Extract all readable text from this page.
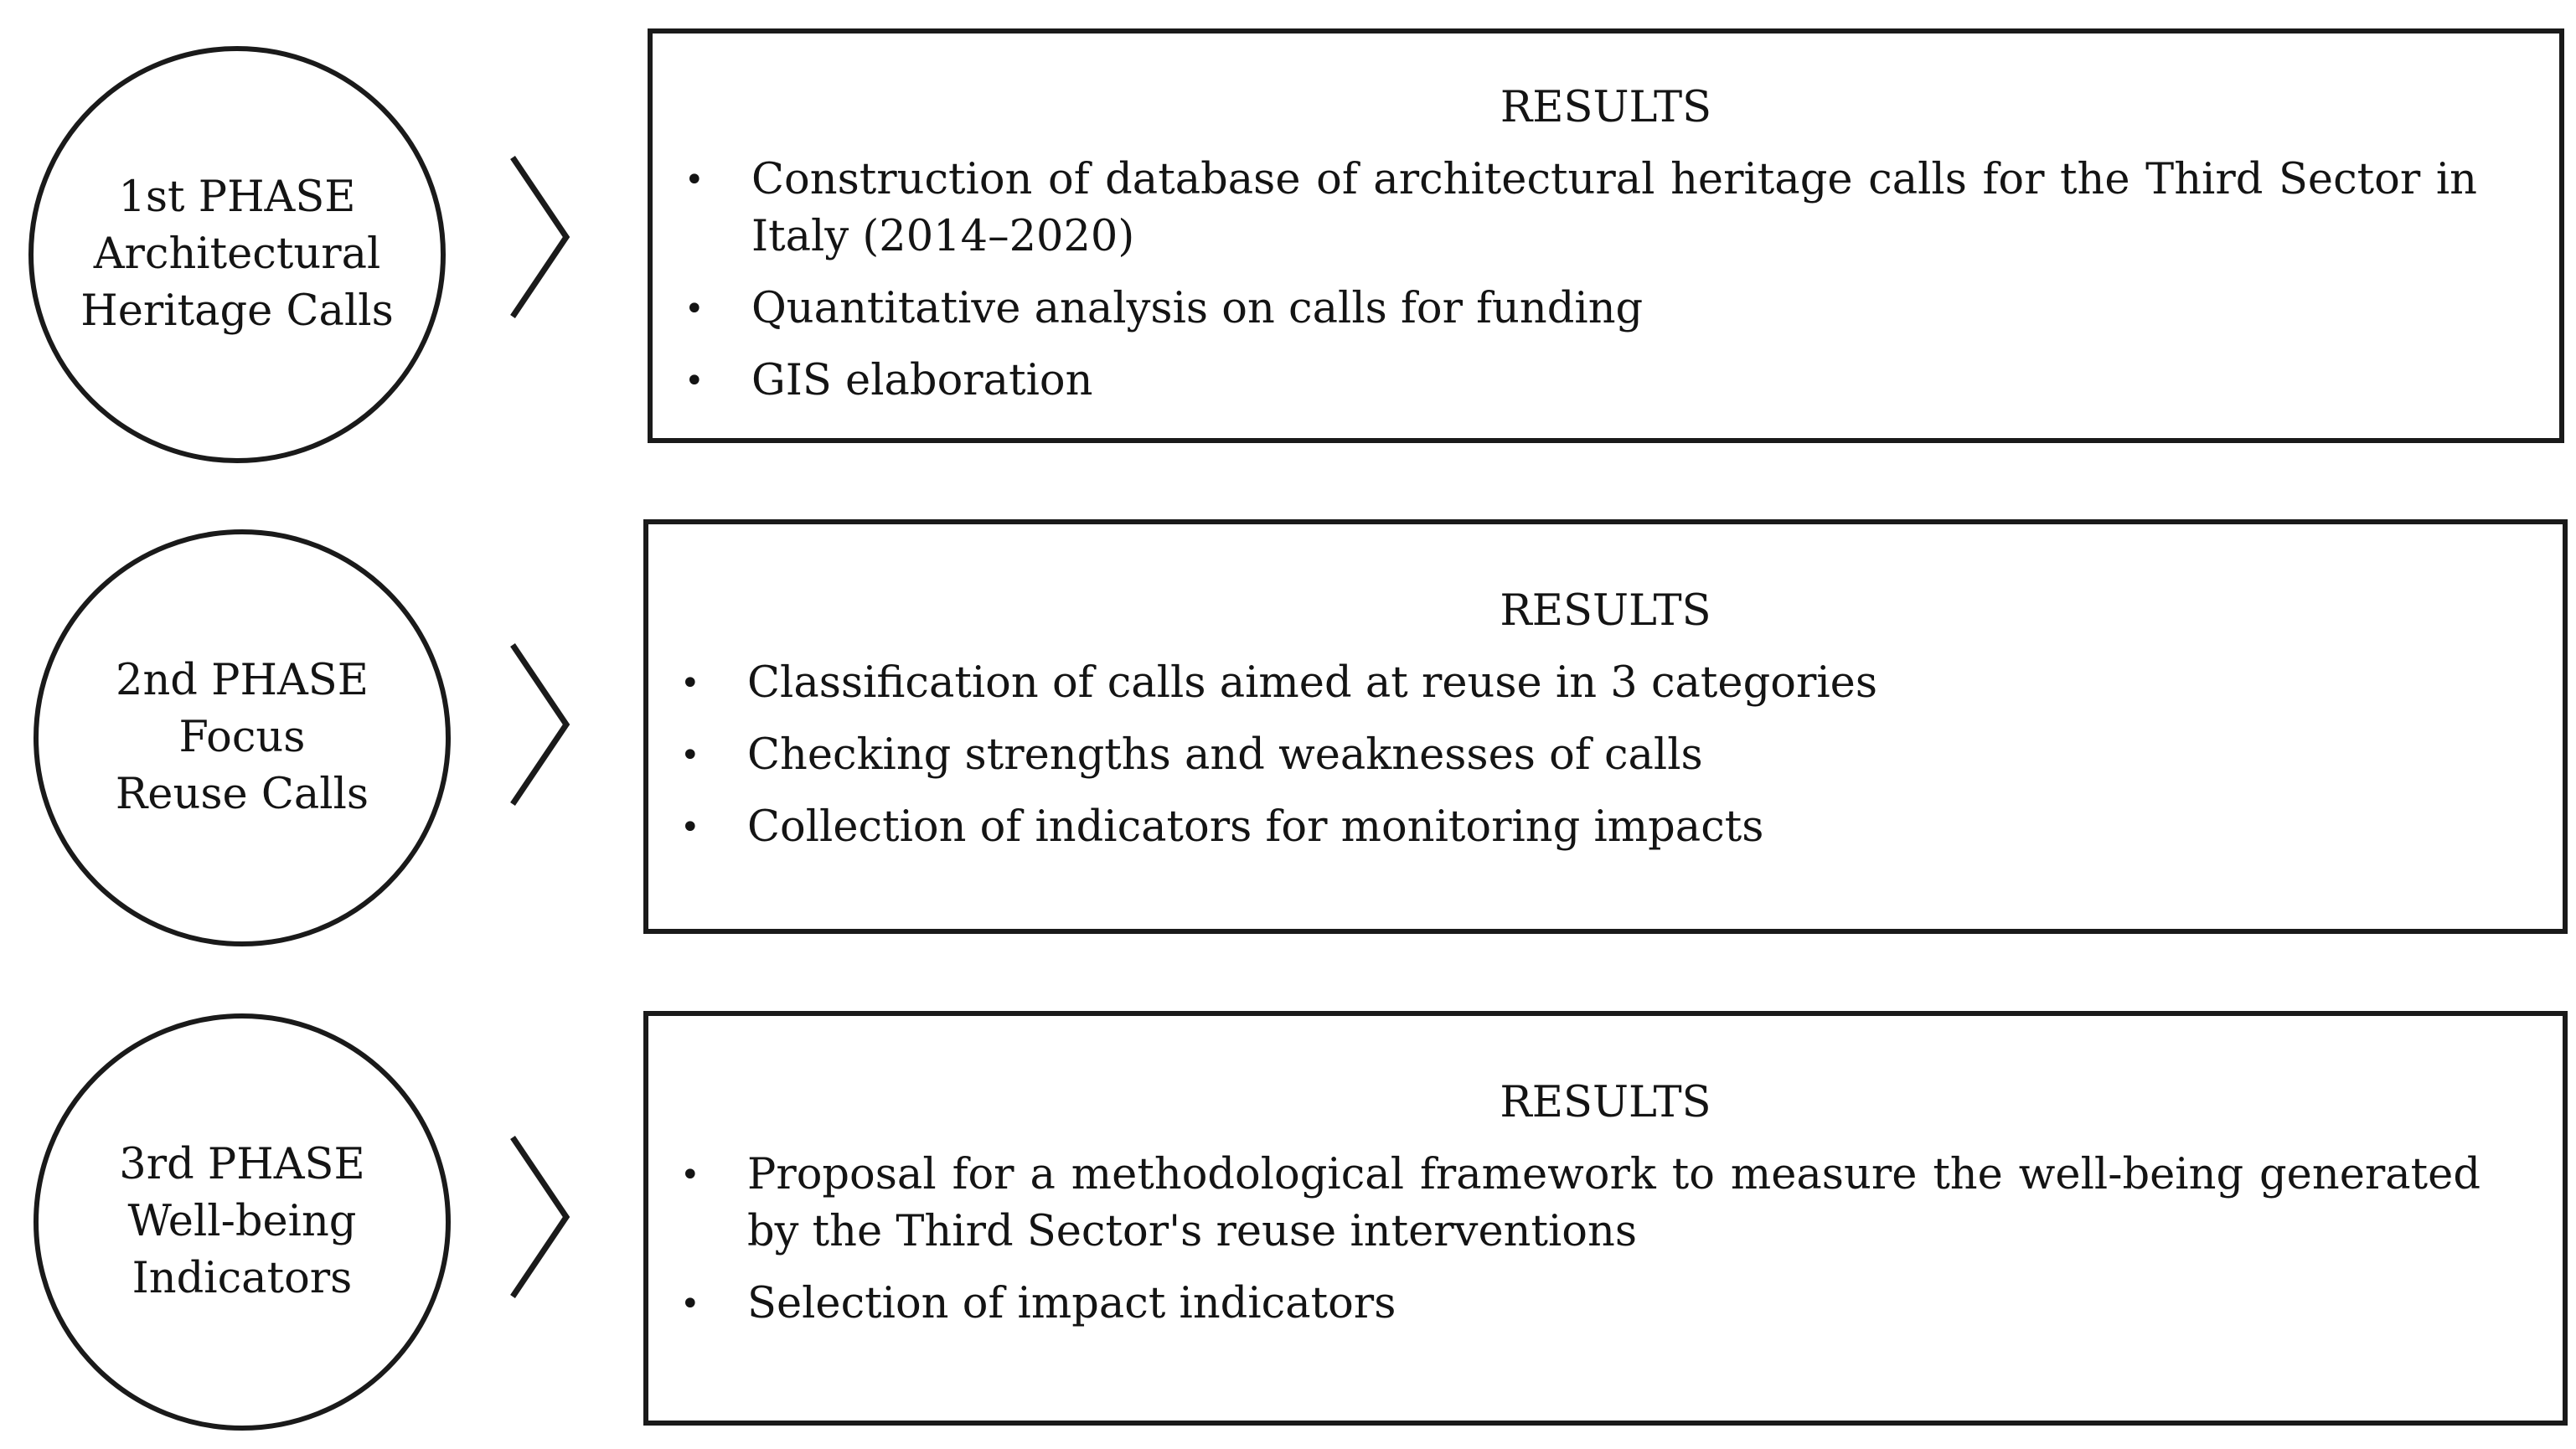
1st PHASE
Architectural
Heritage Calls
RESULTS
• Construction of database of architectural heritage calls for the Third Sector in Italy (2014–2020)
• Quantitative analysis on calls for funding
• GIS elaboration
2nd PHASE
Focus
Reuse Calls
RESULTS
• Classification of calls aimed at reuse in 3 categories
• Checking strengths and weaknesses of calls
• Collection of indicators for monitoring impacts
3rd PHASE
Well-being
Indicators
RESULTS
• Proposal for a methodological framework to measure the well-being generated by the Third Sector's reuse interventions
• Selection of impact indicators
